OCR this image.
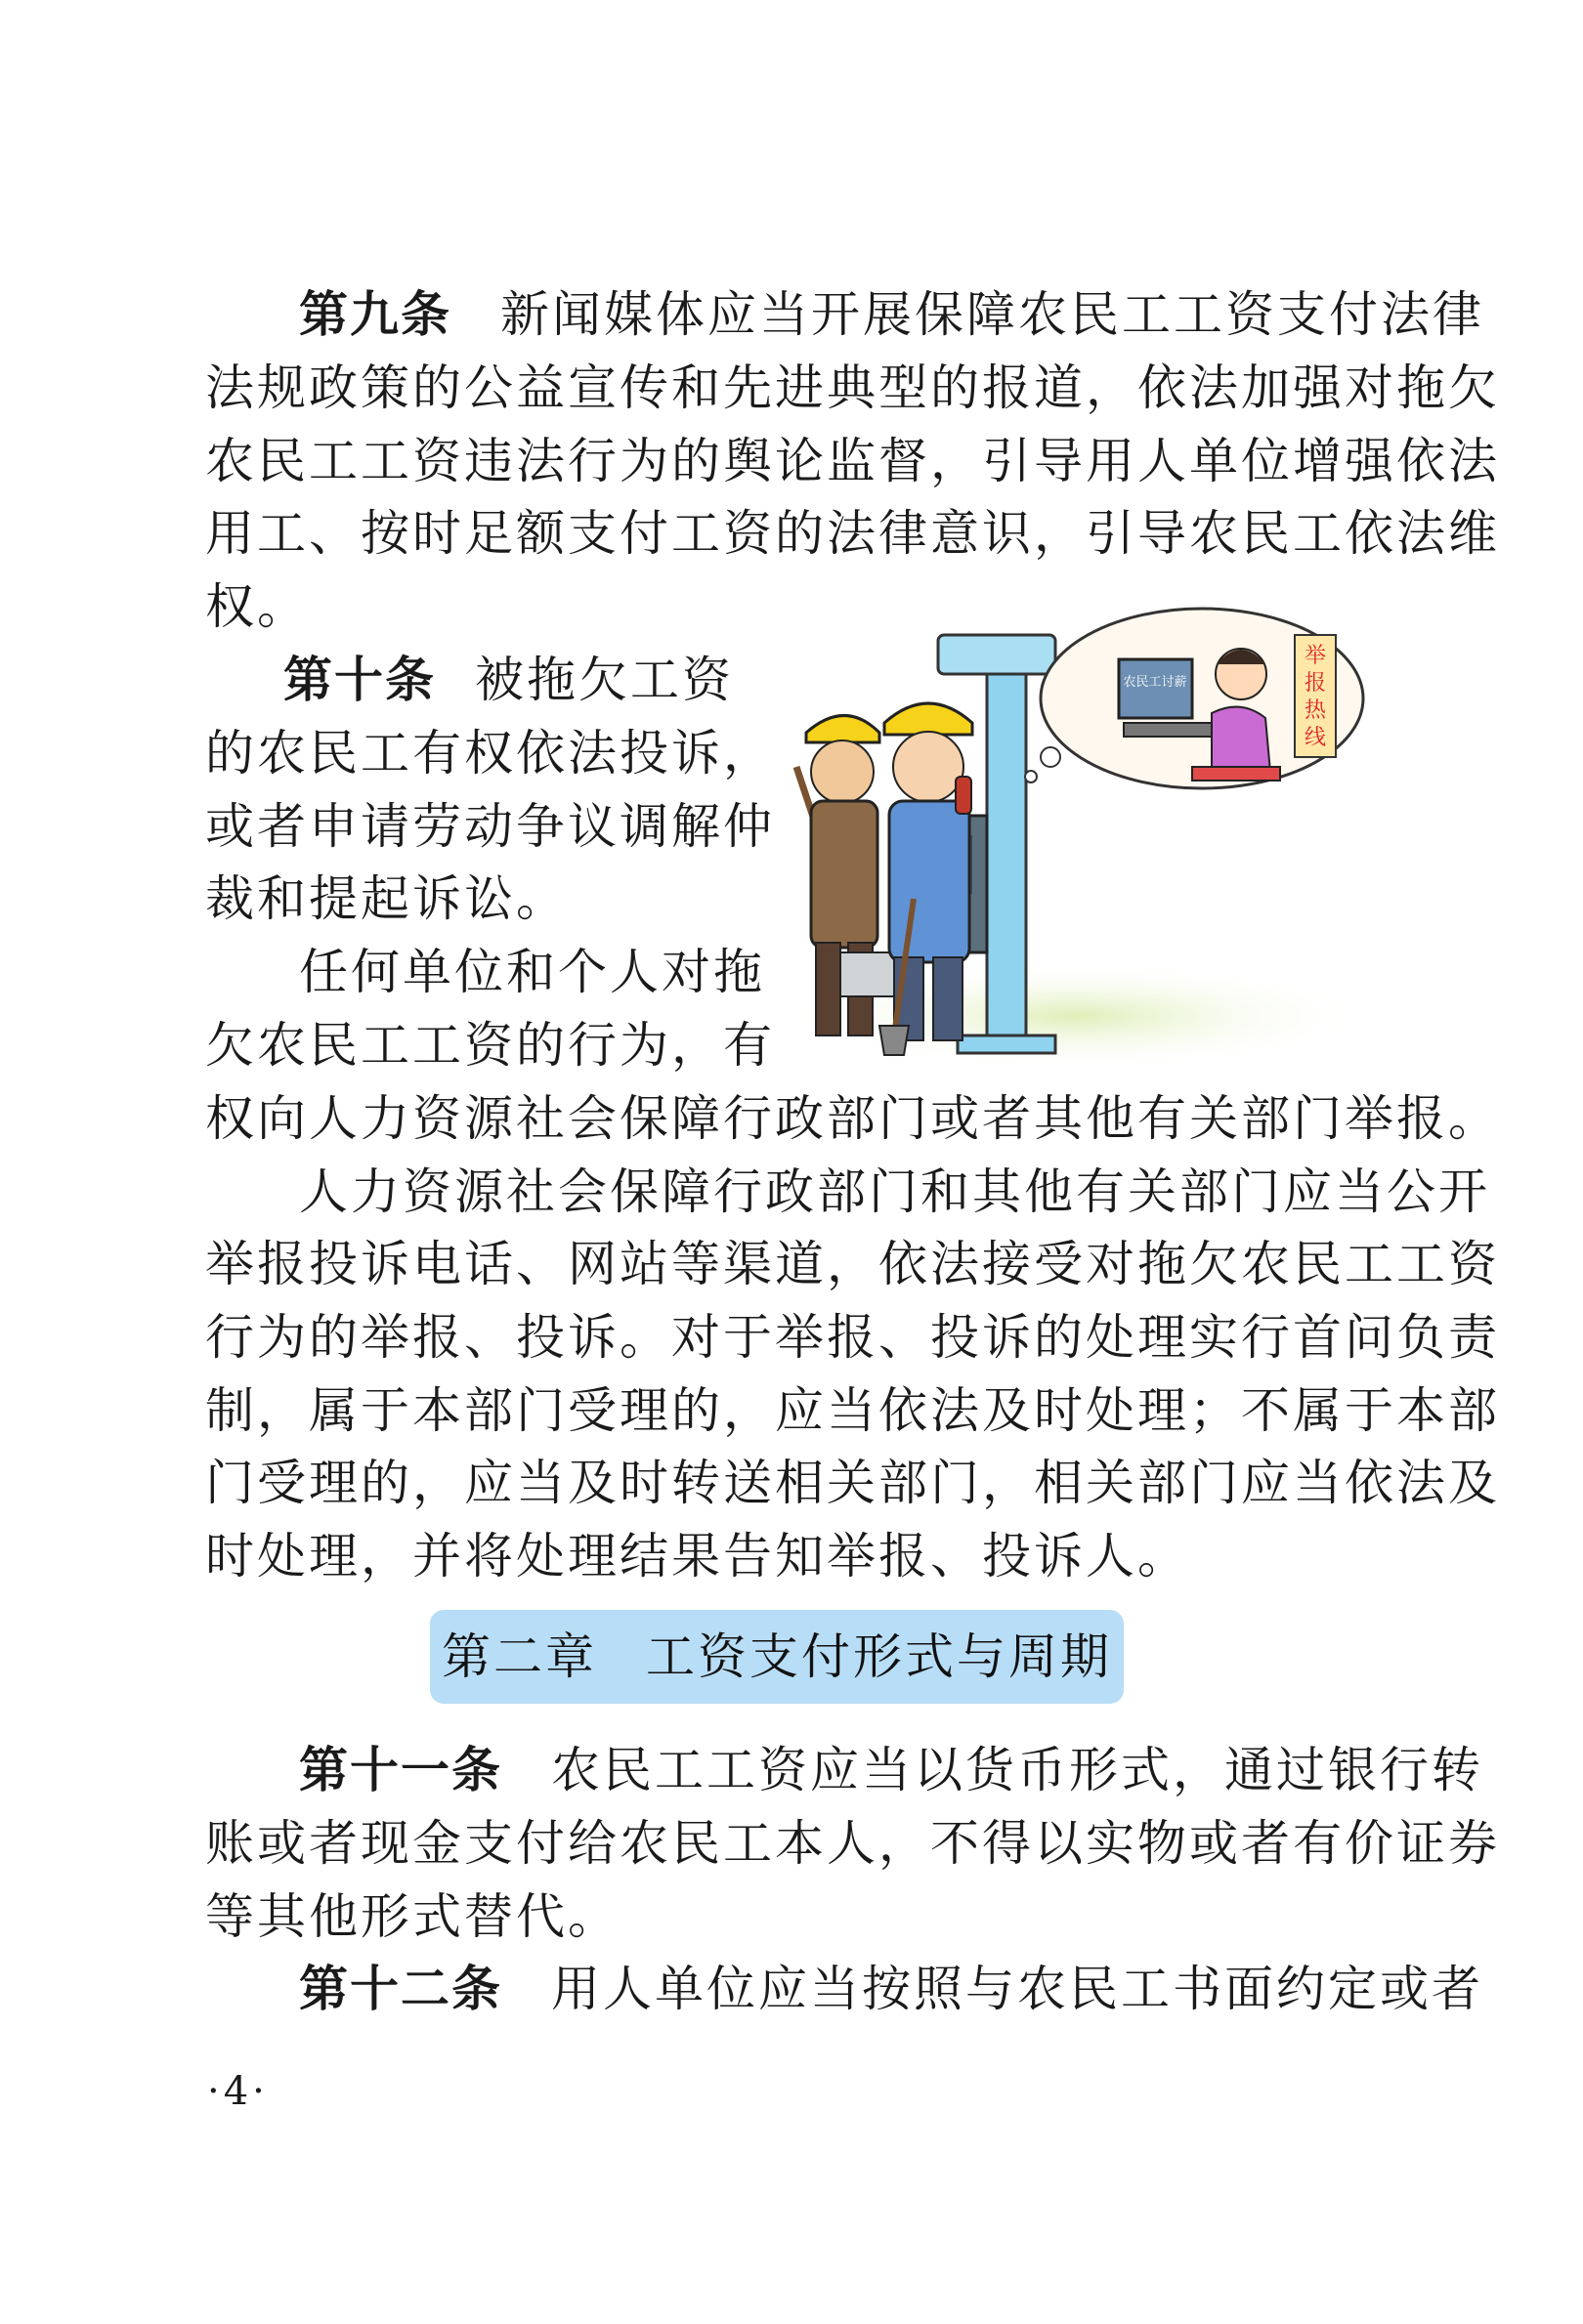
第九条 新闻媒体应当开展保障农民工工资支付法律
法规政策的公益宣传和先进典型的报道，依法加强对拖欠
农民工工资违法行为的舆论监督，引导用人单位增强依法
用工、按时足额支付工资的法律意识，引导农民工依法维
权。
第十条 被拖欠工资
的农民工有权依法投诉，
或者申请劳动争议调解仲
裁和提起诉讼。
任何单位和个人对拖
欠农民工工资的行为，有
权向人力资源社会保障行政部门或者其他有关部门举报。
人力资源社会保障行政部门和其他有关部门应当公开
举报投诉电话、网站等渠道，依法接受对拖欠农民工工资
行为的举报、投诉。对于举报、投诉的处理实行首问负责
制，属于本部门受理的，应当依法及时处理；不属于本部
门受理的，应当及时转送相关部门，相关部门应当依法及
时处理，并将处理结果告知举报、投诉人。
农民工讨薪
举
报
热
线
第二章 工资支付形式与周期
第十一条 农民工工资应当以货币形式，通过银行转
账或者现金支付给农民工本人，不得以实物或者有价证券
等其他形式替代。
第十二条 用人单位应当按照与农民工书面约定或者
·4·
